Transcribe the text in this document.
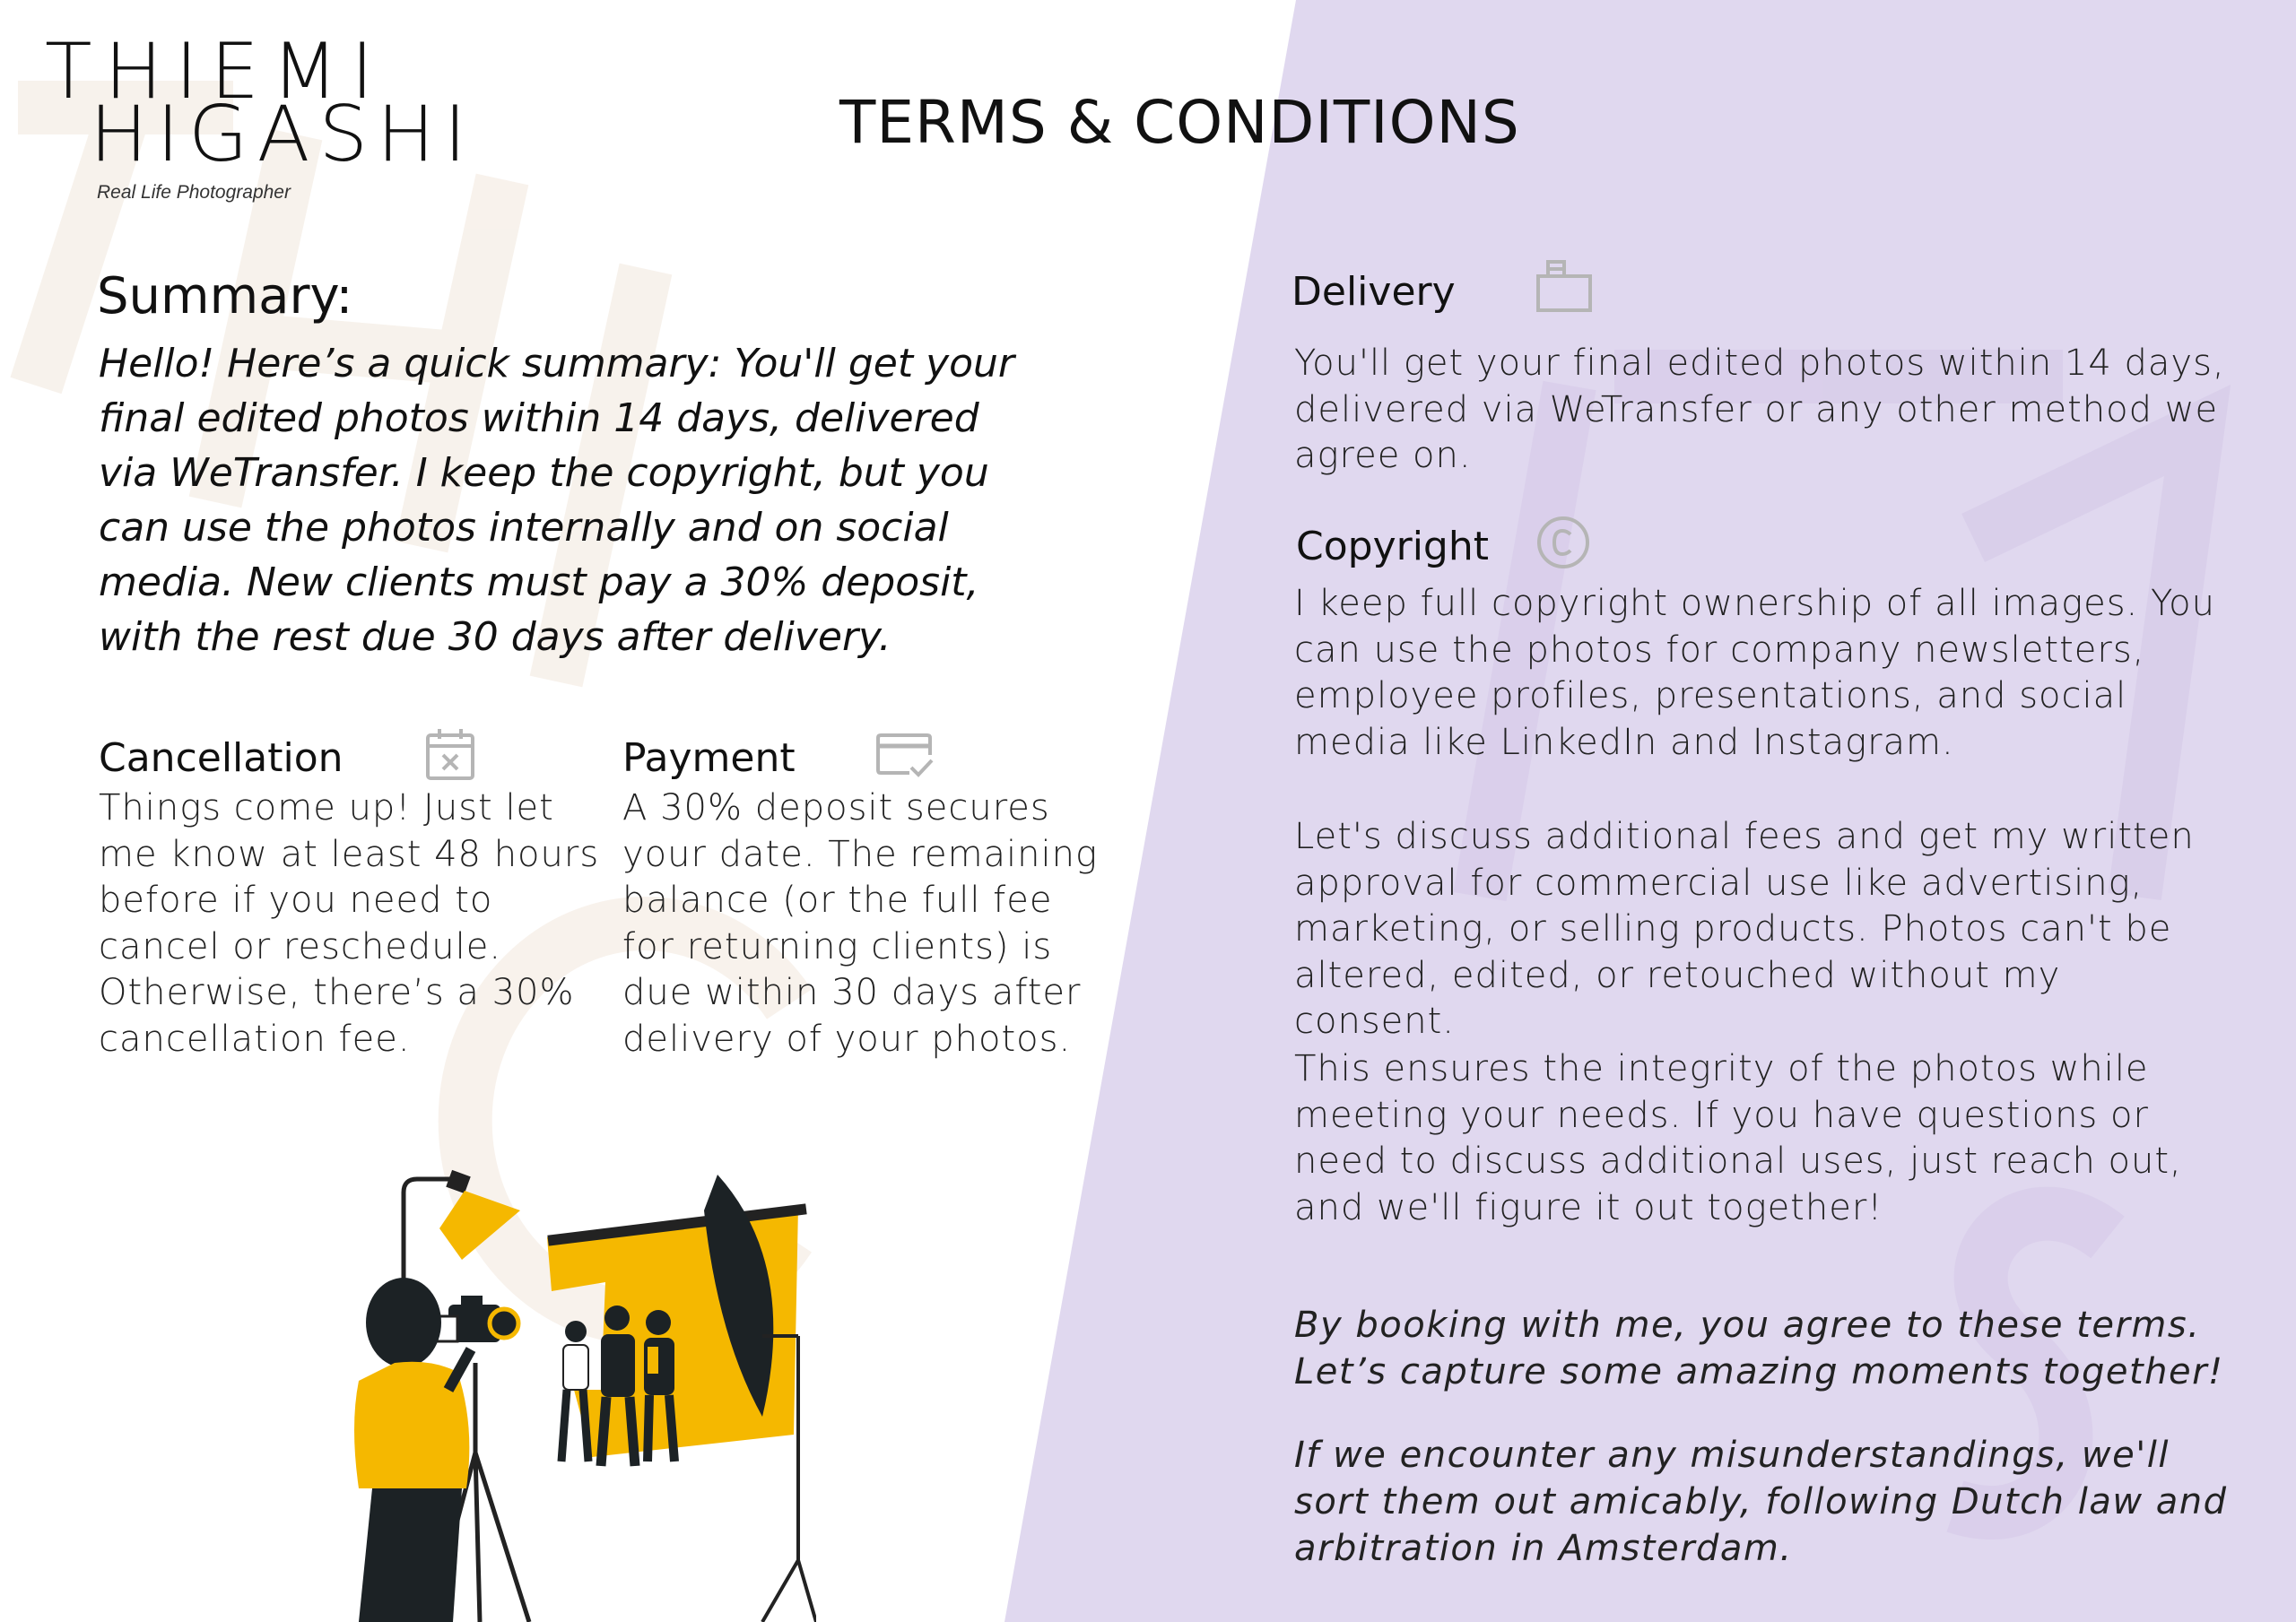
THIEMI
HIGASHI
Real Life Photographer
TERMS & CONDITIONS
Summary:
Hello! Here’s a quick summary: You'll get your final edited photos within 14 days, delivered via WeTransfer. I keep the copyright, but you can use the photos internally and on social media. New clients must pay a 30% deposit, with the rest due 30 days after delivery.
Cancellation
Things come up! Just let me know at least 48 hours before if you need to cancel or reschedule. Otherwise, there’s a 30% cancellation fee.
Payment
A 30% deposit secures your date. The remaining balance (or the full fee for returning clients) is due within 30 days after delivery of your photos.
Delivery
You'll get your final edited photos within 14 days, delivered via WeTransfer or any other method we agree on.
Copyright
I keep full copyright ownership of all images. You can use the photos for company newsletters, employee profiles, presentations, and social media like LinkedIn and Instagram.
Let's discuss additional fees and get my written approval for commercial use like advertising, marketing, or selling products. Photos can't be altered, edited, or retouched without my consent.
This ensures the integrity of the photos while meeting your needs. If you have questions or need to discuss additional uses, just reach out, and we'll figure it out together!
By booking with me, you agree to these terms. Let’s capture some amazing moments together!
If we encounter any misunderstandings, we'll sort them out amicably, following Dutch law and arbitration in Amsterdam.
